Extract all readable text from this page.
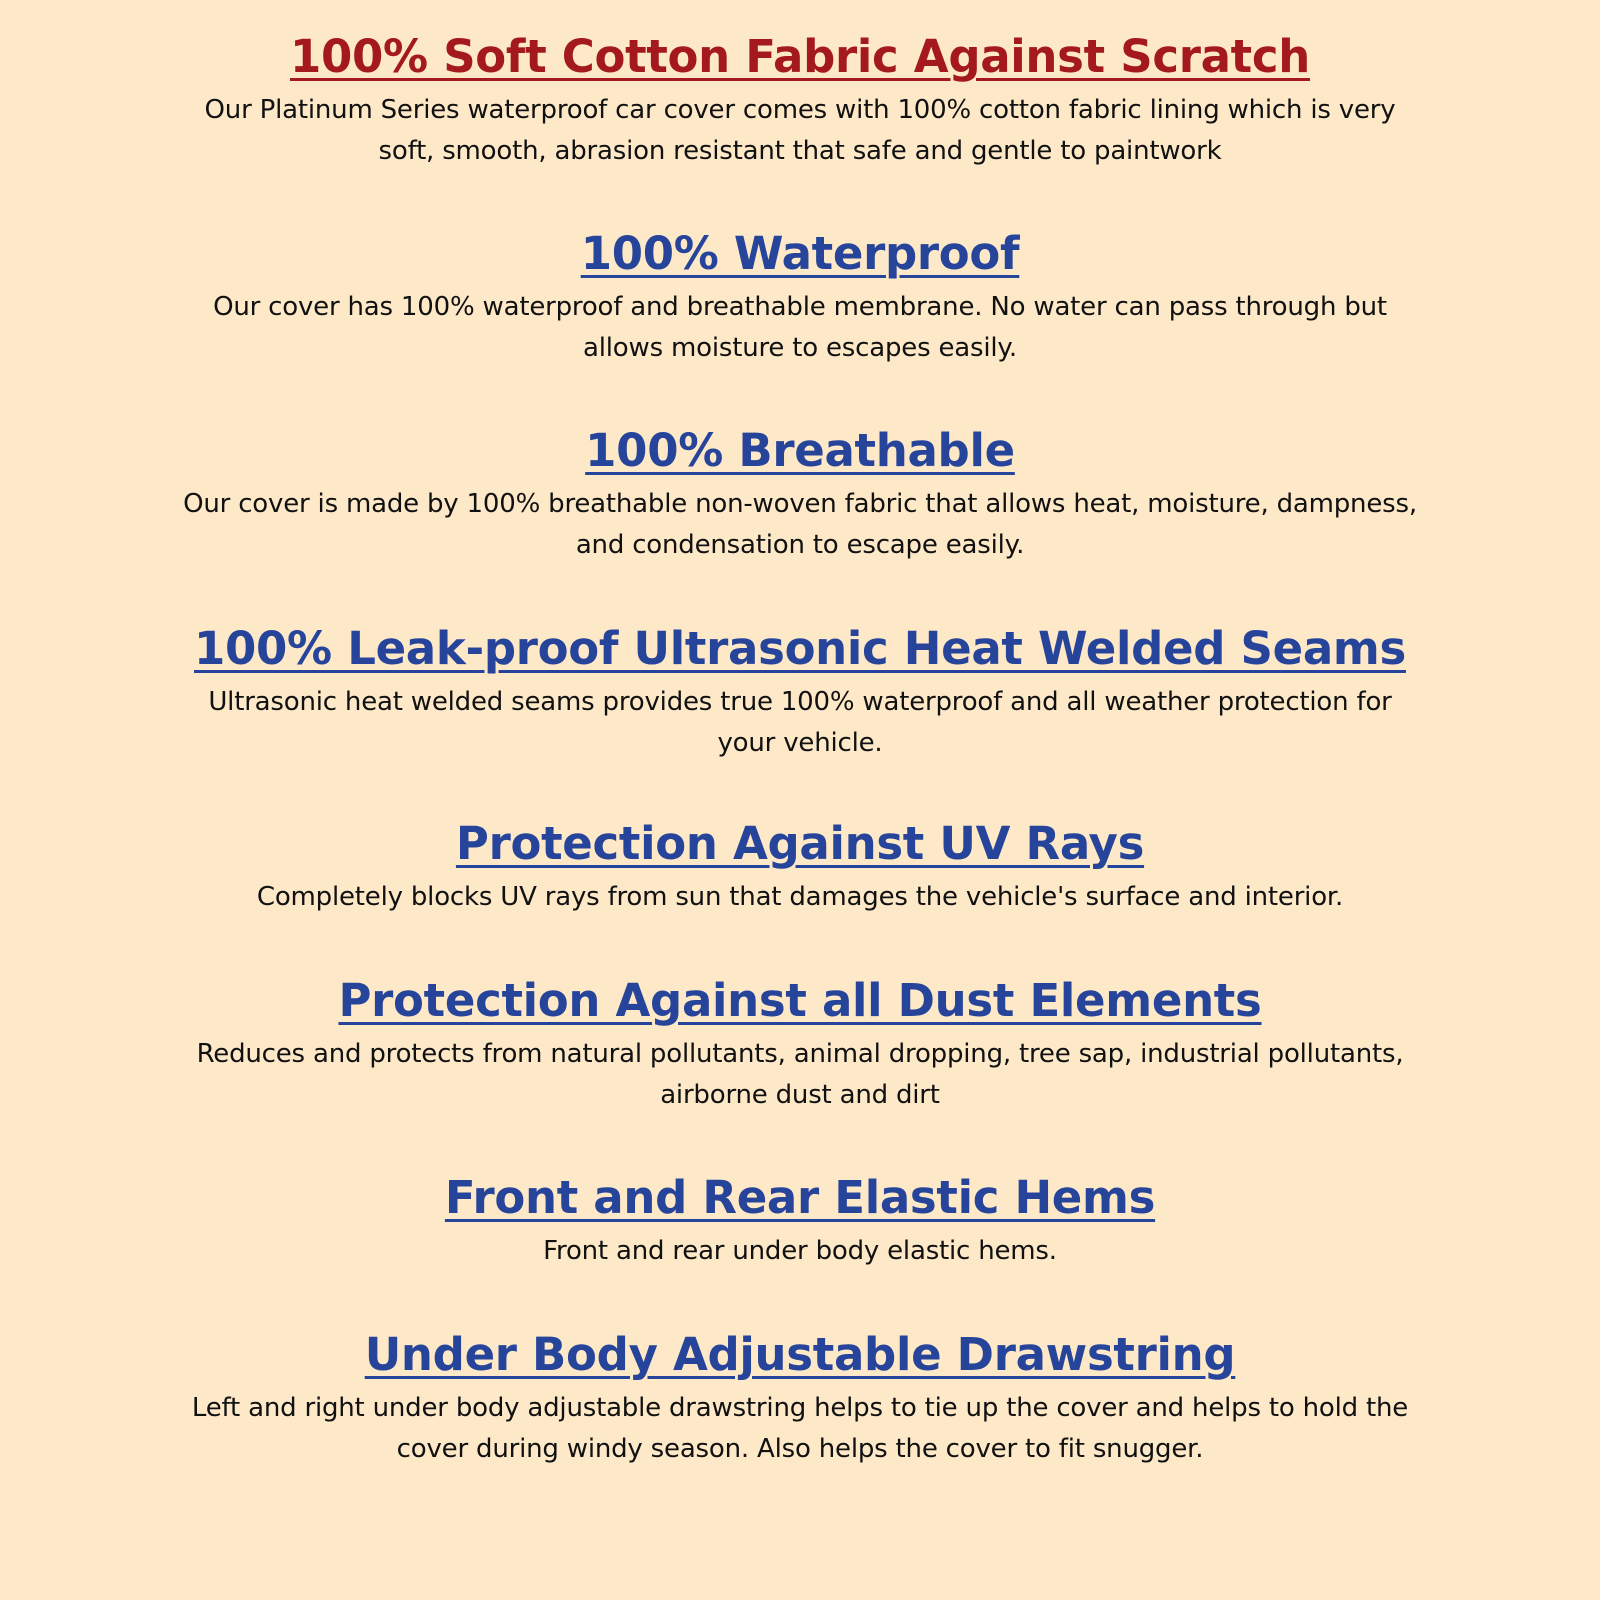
100% Soft Cotton Fabric Against Scratch

Our Platinum Series waterproof car cover comes with 100% cotton fabric lining which is very
soft, smooth, abrasion resistant that safe and gentle to paintwork

100% Waterproof

Our cover has 100% waterproof and breathable membrane. No water can pass through but
allows moisture to escapes easily.

100% Breathable

Our cover is made by 100% breathable non-woven fabric that allows heat, moisture, dampness,
and condensation to escape easily.

100% Leak-proof Ultrasonic Heat Welded Seams

Ultrasonic heat welded seams provides true 100% waterproof and all weather protection for
your vehicle.

Protection Against UV Rays

Completely blocks UV rays from sun that damages the vehicle's surface and interior.

Protection Against all Dust Elements

Reduces and protects from natural pollutants, animal dropping, tree sap, industrial pollutants,
airborne dust and dirt

Front and Rear Elastic Hems

Front and rear under body elastic hems.

Under Body Adjustable Drawstring

Left and right under body adjustable drawstring helps to tie up the cover and helps to hold the
cover during windy season. Also helps the cover to fit snugger.
